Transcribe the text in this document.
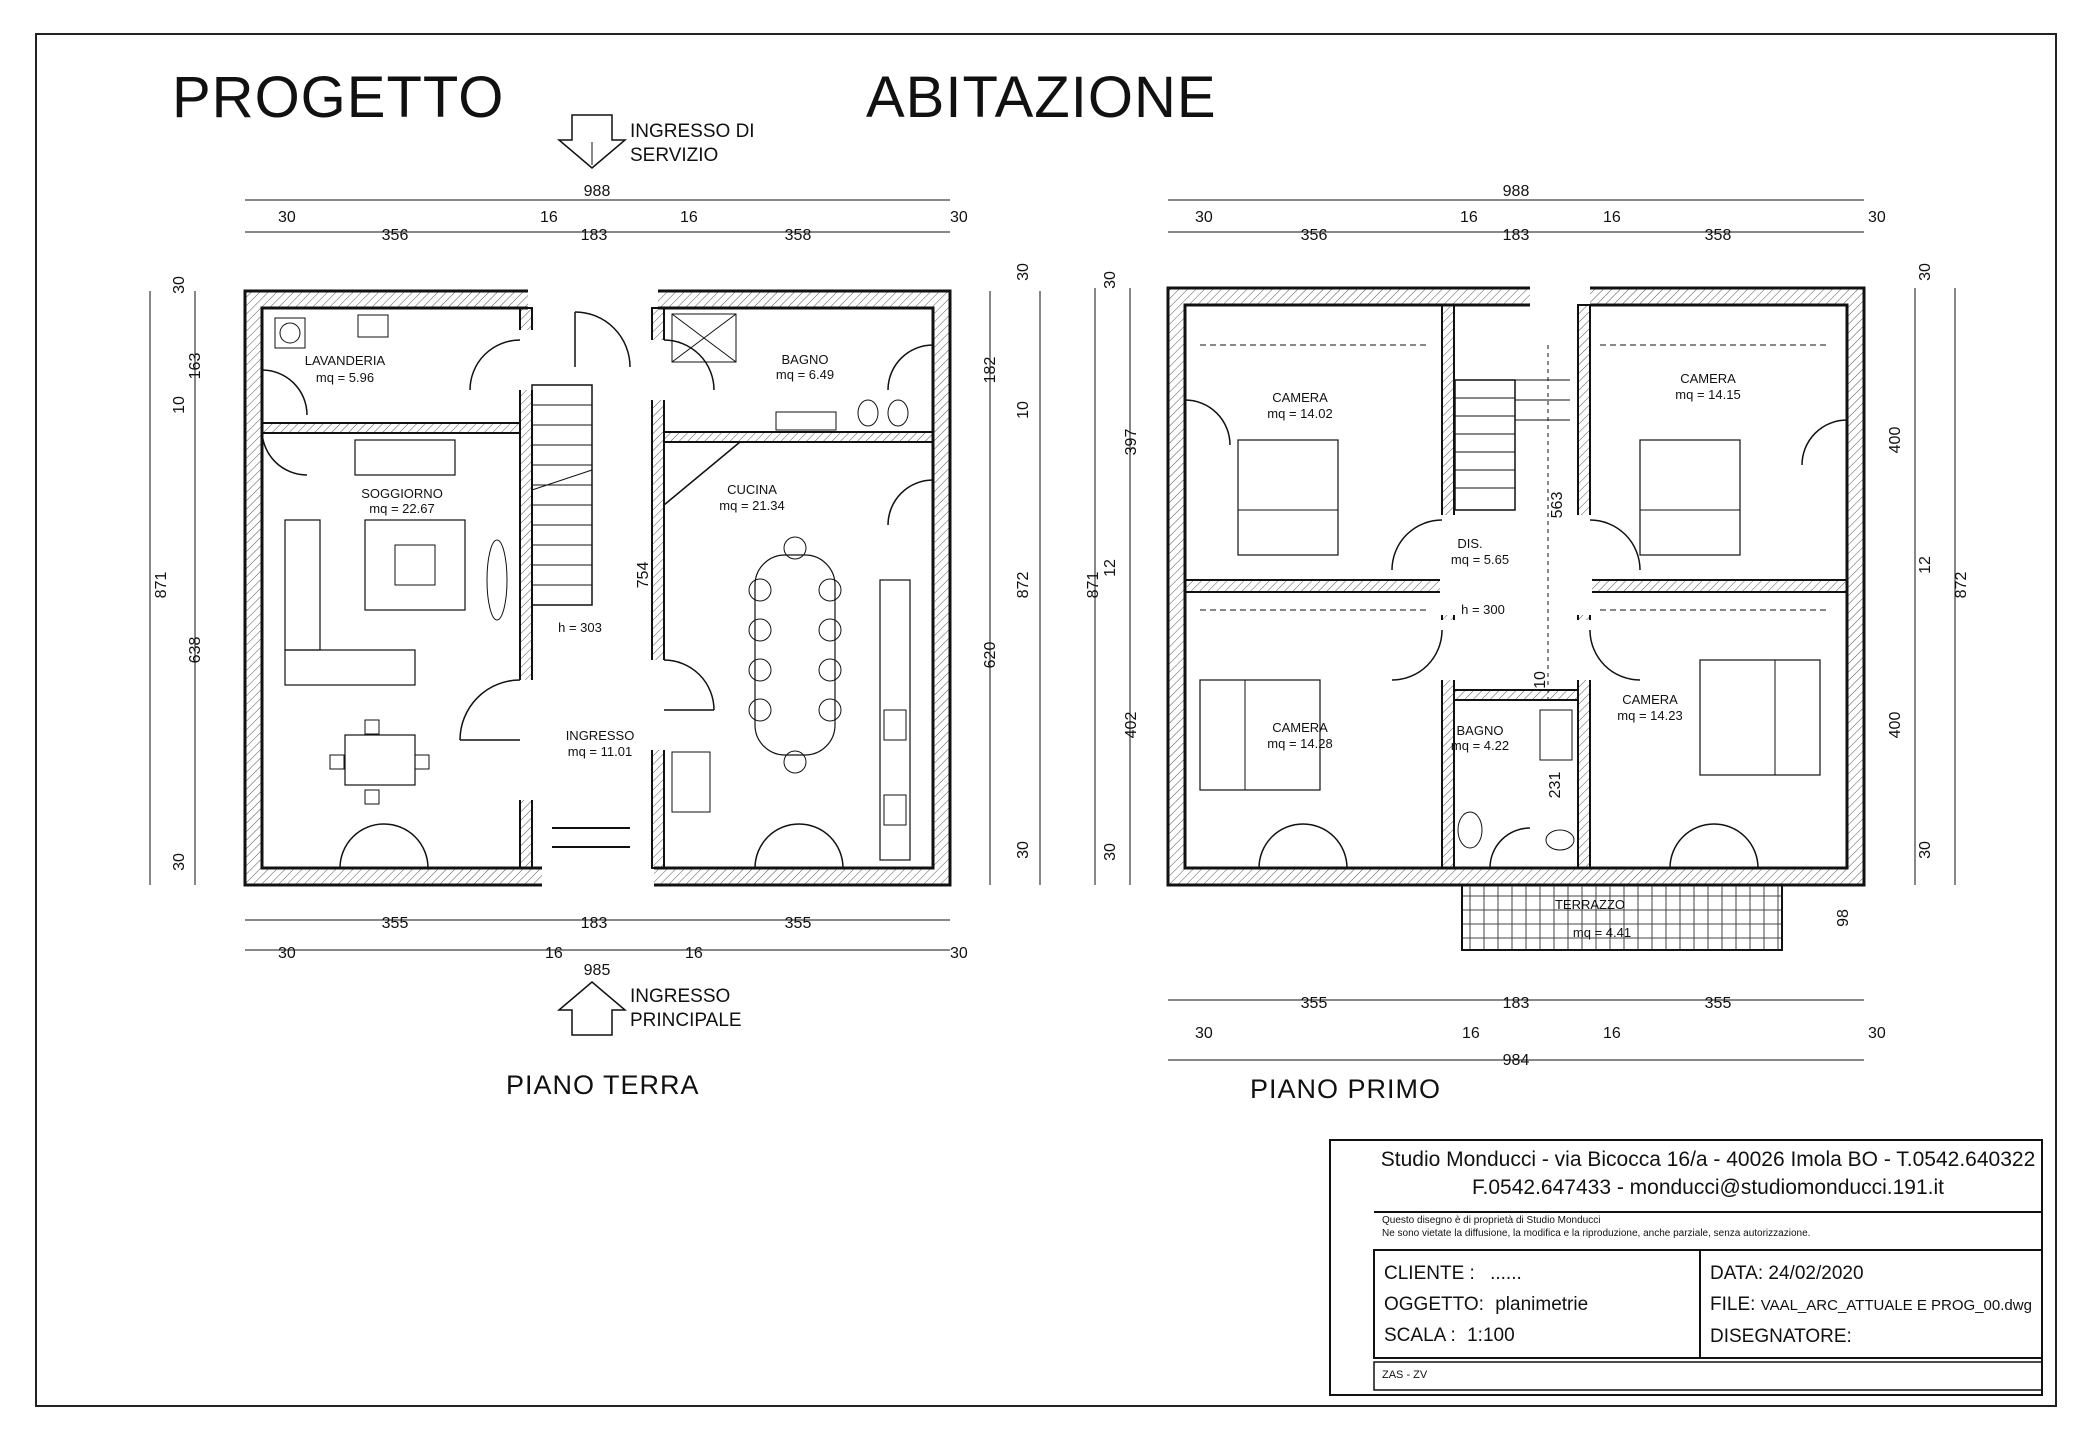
988
30
356
16
183
16
358
30
355	183	355
30	16	16	30
985
871
30
163
10
638
30
872
30
182
10
620
30
754
LAVANDERIA
mq = 5.96
BAGNO
mq = 6.49
SOGGIORNO
mq = 22.67
CUCINA
mq = 21.34
INGRESSO
mq = 11.01
h = 303
988
30
356
16
183
16
358
30
355	183	355
30	16	16	30
984
871
30
397
12
402
30
872
30
400
12
400
30
563
231
10
98
CAMERA
mq = 14.02
CAMERA
mq = 14.15
CAMERA
mq = 14.28
CAMERA
mq = 14.23
DIS.
mq = 5.65
h = 300
BAGNO
mq = 4.22
TERRAZZO
mq = 4.41
PROGETTO	ABITAZIONE
INGRESSO DI
SERVIZIO
INGRESSO
PRINCIPALE
PIANO TERRA	PIANO PRIMO
Studio Monducci - via Bicocca 16/a - 40026 Imola BO - T.0542.640322
F.0542.647433 - monducci@studiomonducci.191.it
Questo disegno è di proprietà di Studio Monducci
Ne sono vietate la diffusione, la modifica e la riproduzione, anche parziale, senza autorizzazione.
CLIENTE : ......
OGGETTO: planimetrie
SCALA : 1:100
DATA: 24/02/2020
FILE: VAAL_ARC_ATTUALE E PROG_00.dwg
DISEGNATORE:
ZAS - ZV
